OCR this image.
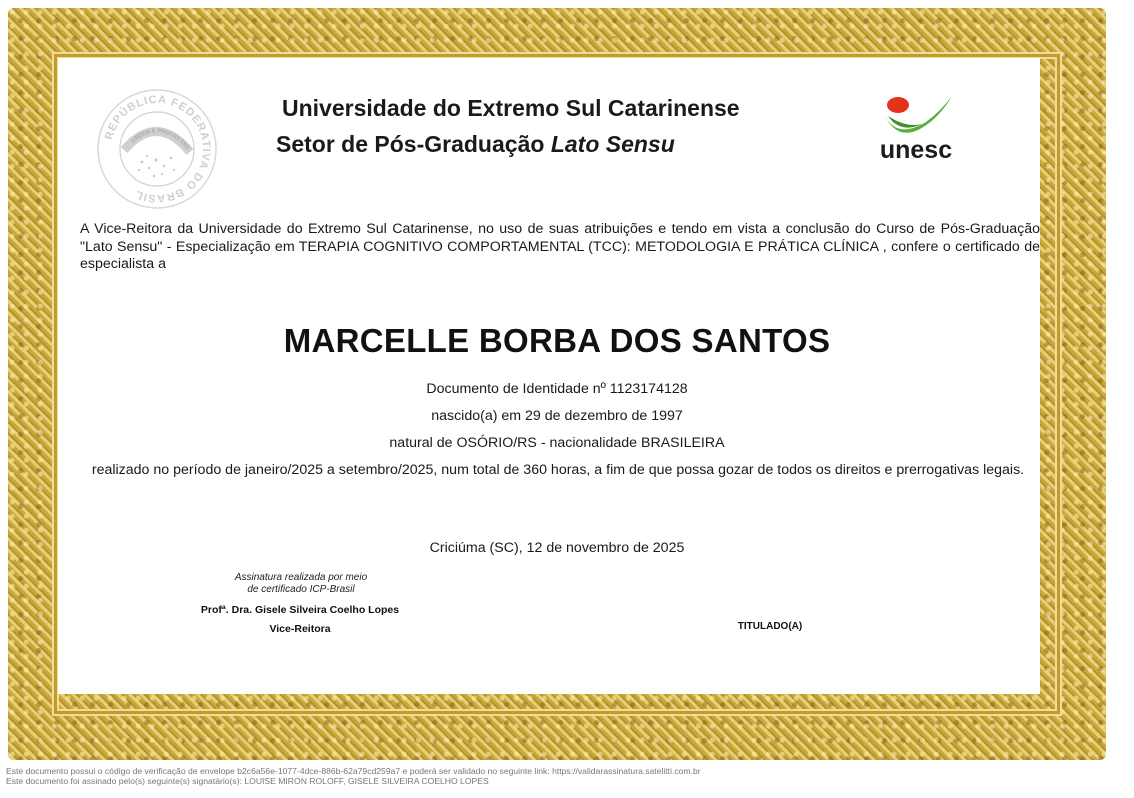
REPÚBLICA FEDERATIVA DO BRASIL
ORDEM E PROGRESSO
Universidade do Extremo Sul Catarinense
Setor de Pós-Graduação Lato Sensu	unesc
A Vice-Reitora da Universidade do Extremo Sul Catarinense, no uso de suas atribuições e tendo em vista a conclusão do Curso de Pós-Graduação "Lato Sensu" - Especialização em TERAPIA COGNITIVO COMPORTAMENTAL (TCC): METODOLOGIA E PRÁTICA CLÍNICA , confere o certificado de especialista a
MARCELLE BORBA DOS SANTOS
Documento de Identidade nº 1123174128
nascido(a) em 29 de dezembro de 1997
natural de OSÓRIO/RS - nacionalidade BRASILEIRA
realizado no período de janeiro/2025 a setembro/2025, num total de 360 horas, a fim de que possa gozar de todos os direitos e prerrogativas legais.
Criciúma (SC), 12 de novembro de 2025
Assinatura realizada por meio
de certificado ICP-Brasil
Profª. Dra. Gisele Silveira Coelho Lopes
Vice-Reitora	TITULADO(A)
Este documento possui o código de verificação de envelope b2c6a56e-1077-4dce-886b-62a79cd259a7 e poderá ser validado no seguinte link: https://validarassinatura.satelitti.com.br
Este documento foi assinado pelo(s) seguinte(s) signatário(s): LOUISE MIRON ROLOFF, GISELE SILVEIRA COELHO LOPES
